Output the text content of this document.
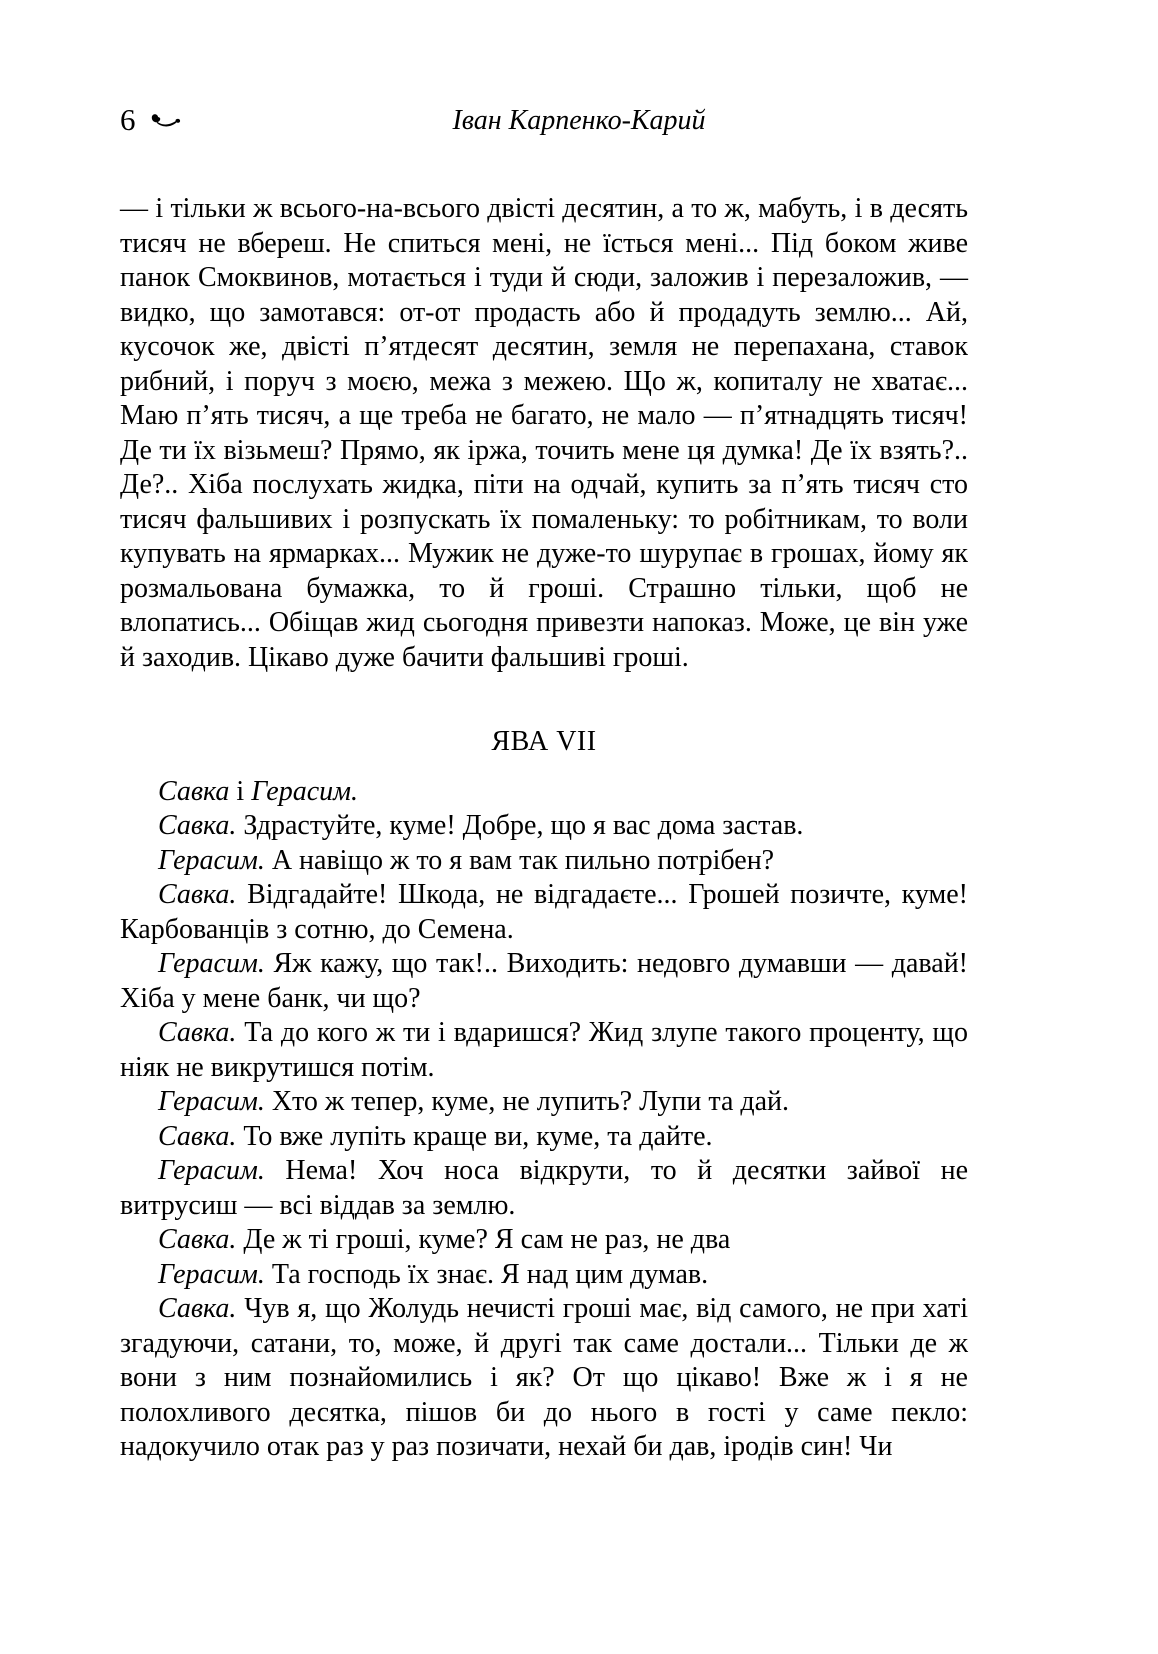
6	Іван Карпенко-Карий

— і тільки ж всього-на-всього двісті десятин, а то ж, мабуть, і в десять тисяч не вбереш. Не спиться мені, не їсться мені... Під боком живе панок Смоквинов, мотається і туди й сюди, заложив і перезаложив, — видко, що замотався: от-от продасть або й продадуть землю... Ай, кусочок же, двісті п’ятдесят десятин, земля не перепахана, ставок рибний, і поруч з моєю, межа з межею. Що ж, копиталу не хватає... Маю п’ять тисяч, а ще треба не багато, не мало — п’ятнадцять тисяч! Де ти їх візьмеш? Прямо, як іржа, точить мене ця думка! Де їх взять?.. Де?.. Хіба послухать жидка, піти на одчай, купить за п’ять тисяч сто тисяч фальшивих і розпускать їх помаленьку: то робітникам, то воли купувать на ярмарках... Мужик не дуже-то шурупає в грошах, йому як розмальована бумажка, то й гроші. Страшно тільки, щоб не влопатись... Обіщав жид сьогодня привезти напоказ. Може, це він уже й заходив. Цікаво дуже бачити фальшиві гроші.

ЯВА VII

Савка і Герасим.

Савка. Здрастуйте, куме! Добре, що я вас дома застав.

Герасим. А навіщо ж то я вам так пильно потрібен?

Савка. Відгадайте! Шкода, не відгадаєте... Грошей позичте, куме! Карбованців з сотню, до Семена.

Герасим. Яж кажу, що так!.. Виходить: недовго думавши — давай! Хіба у мене банк, чи що?

Савка. Та до кого ж ти і вдаришся? Жид злупе такого проценту, що ніяк не викрутишся потім.

Герасим. Хто ж тепер, куме, не лупить? Лупи та дай.

Савка. То вже лупіть краще ви, куме, та дайте.

Герасим. Нема! Хоч носа відкрути, то й десятки зайвої не витрусиш — всі віддав за землю.

Савка. Де ж ті гроші, куме? Я сам не раз, не два

Герасим. Та господь їх знає. Я над цим думав.

Савка. Чув я, що Жолудь нечисті гроші має, від самого, не при хаті згадуючи, сатани, то, може, й другі так саме достали... Тільки де ж вони з ним познайомились і як? От що цікаво! Вже ж і я не полохливого десятка, пішов би до нього в гості у саме пекло: надокучило отак раз у раз позичати, нехай би дав, іродів син! Чи
